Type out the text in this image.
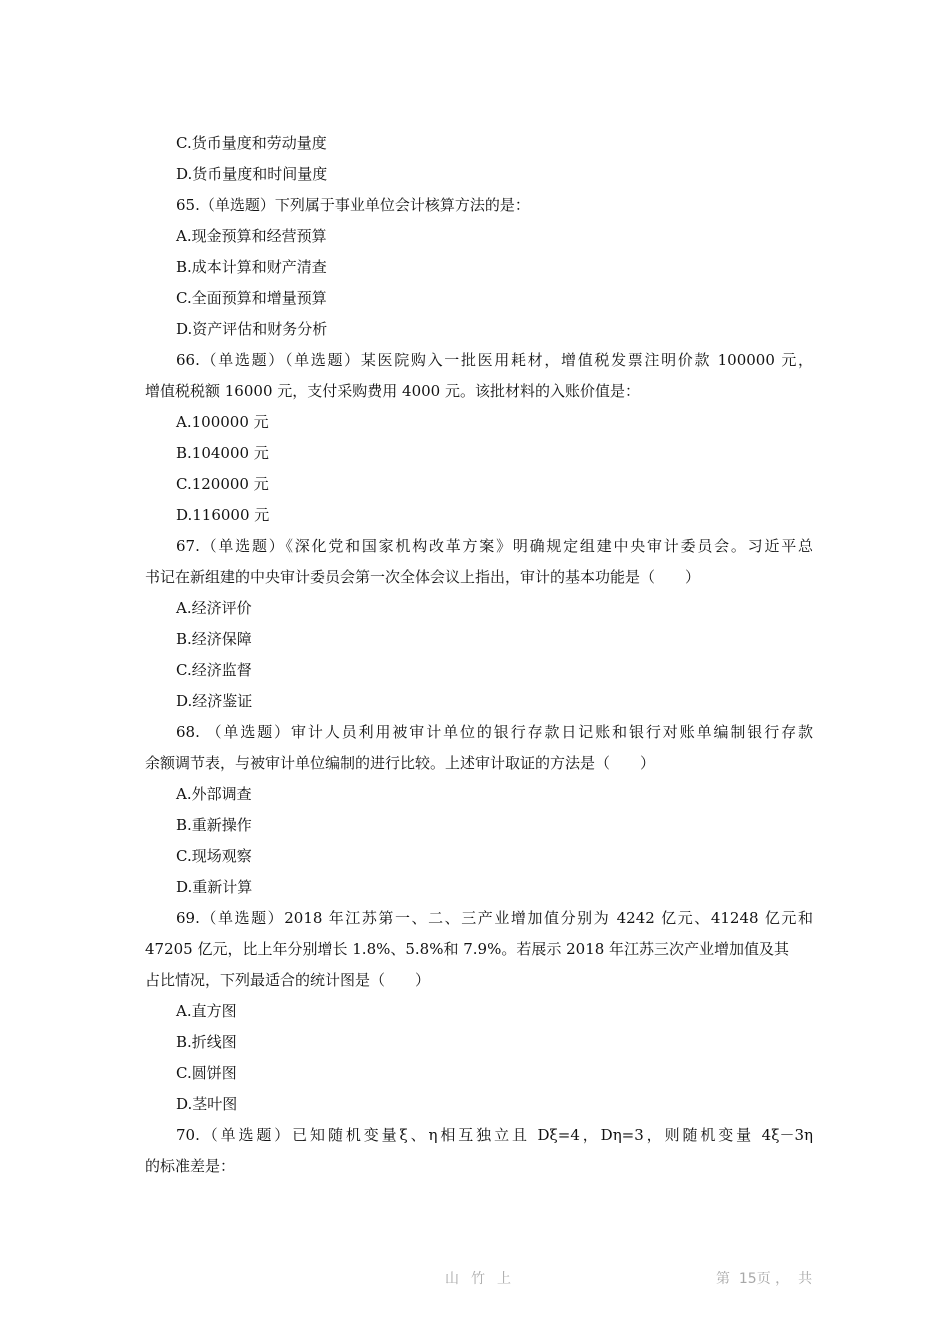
C.货币量度和劳动量度
D.货币量度和时间量度
65.（单选题）下列属于事业单位会计核算方法的是：
A.现金预算和经营预算
B.成本计算和财产清查
C.全面预算和增量预算
D.资产评估和财务分析
66.（单选题）（单选题）某医院购入一批医用耗材，增值税发票注明价款 100000 元，
增值税税额 16000 元，支付采购费用 4000 元。该批材料的入账价值是：
A.100000 元
B.104000 元
C.120000 元
D.116000 元
67.（单选题）《深化党和国家机构改革方案》明确规定组建中央审计委员会。习近平总
书记在新组建的中央审计委员会第一次全体会议上指出，审计的基本功能是（　　）
A.经济评价
B.经济保障
C.经济监督
D.经济鉴证
68. （单选题）审计人员利用被审计单位的银行存款日记账和银行对账单编制银行存款
余额调节表，与被审计单位编制的进行比较。上述审计取证的方法是（　　）
A.外部调查
B.重新操作
C.现场观察
D.重新计算
69.（单选题）2018 年江苏第一、二、三产业增加值分别为 4242 亿元、41248 亿元和
47205 亿元，比上年分别增长 1.8%、5.8%和 7.9%。若展示 2018 年江苏三次产业增加值及其
占比情况，下列最适合的统计图是（　　）
A.直方图
B.折线图
C.圆饼图
D.茎叶图
70.（单选题）已知随机变量ξ、η相互独立且 Dξ=4，Dη=3，则随机变量 4ξ－3η
的标准差是：
山竹上	第  15页 ，  共
